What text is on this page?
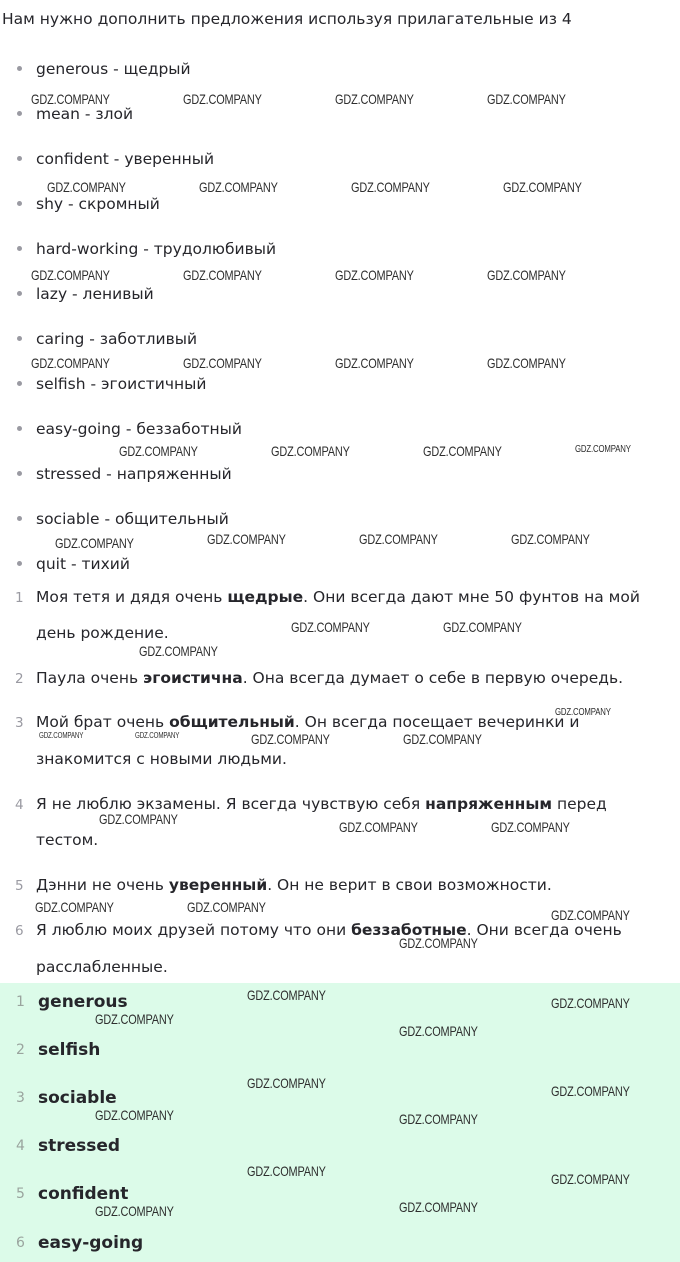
Нам нужно дополнить предложения используя прилагательные из 4
generous - щедрый
mean - злой
confident - уверенный
shy - скромный
hard-working - трудолюбивый
lazy - ленивый
caring - заботливый
selfish - эгоистичный
easy-going - беззаботный
stressed - напряженный
sociable - общительный
quit - тихий
1 Моя тетя и дядя очень щедрые. Они всегда дают мне 50 фунтов на мой
день рождение.
2 Паула очень эгоистична. Она всегда думает о себе в первую очередь.
3 Мой брат очень общительный. Он всегда посещает вечеринки и
знакомится с новыми людьми.
4 Я не люблю экзамены. Я всегда чувствую себя напряженным перед
тестом.
5 Дэнни не очень уверенный. Он не верит в свои возможности.
6 Я люблю моих друзей потому что они беззаботные. Они всегда очень
расслабленные.
1 generous
2 selfish
3 sociable
4 stressed
5 confident
6 easy-going
GDZ.COMPANY	GDZ.COMPANY	GDZ.COMPANY	GDZ.COMPANY
GDZ.COMPANY	GDZ.COMPANY	GDZ.COMPANY	GDZ.COMPANY
GDZ.COMPANY	GDZ.COMPANY	GDZ.COMPANY	GDZ.COMPANY
GDZ.COMPANY	GDZ.COMPANY	GDZ.COMPANY	GDZ.COMPANY
GDZ.COMPANY	GDZ.COMPANY	GDZ.COMPANY	GDZ.COMPANY
GDZ.COMPANY	GDZ.COMPANY	GDZ.COMPANY	GDZ.COMPANY
GDZ.COMPANY	GDZ.COMPANY
GDZ.COMPANY
GDZ.COMPANY
GDZ.COMPANY	GDZ.COMPANY	GDZ.COMPANY	GDZ.COMPANY
GDZ.COMPANY	GDZ.COMPANY	GDZ.COMPANY
GDZ.COMPANY	GDZ.COMPANY	GDZ.COMPANY
GDZ.COMPANY
GDZ.COMPANY	GDZ.COMPANY
GDZ.COMPANY
GDZ.COMPANY
GDZ.COMPANY	GDZ.COMPANY
GDZ.COMPANY	GDZ.COMPANY
GDZ.COMPANY	GDZ.COMPANY
GDZ.COMPANY	GDZ.COMPANY
